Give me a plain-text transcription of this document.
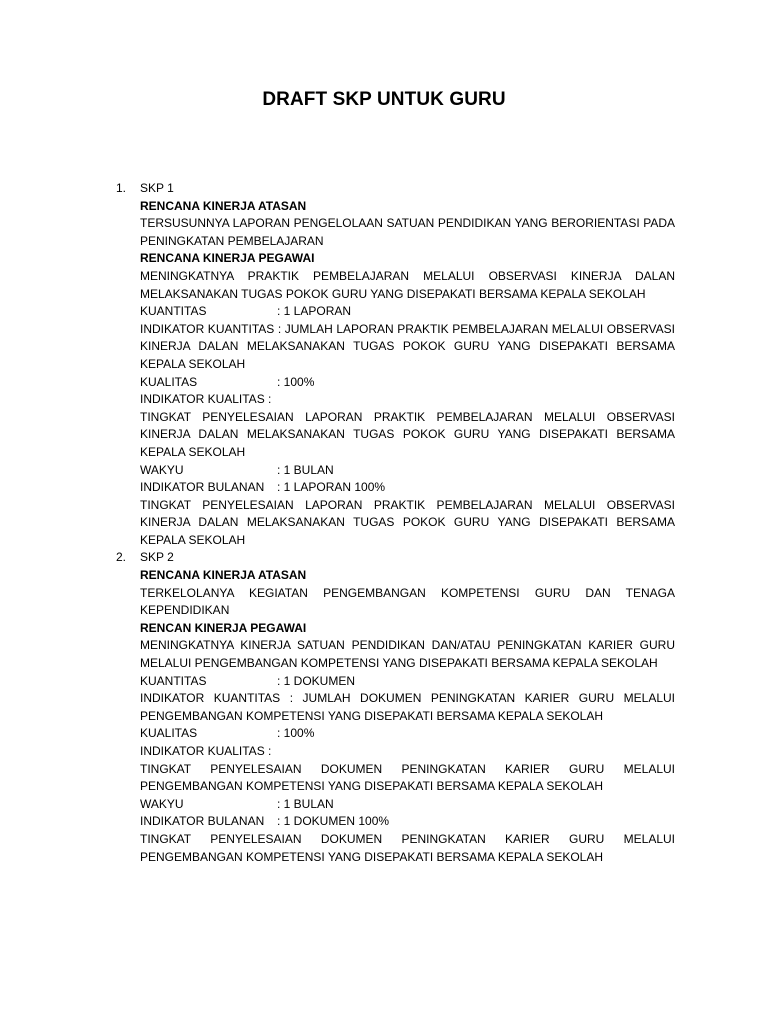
DRAFT SKP UNTUK GURU
1. SKP 1
RENCANA KINERJA ATASAN
TERSUSUNNYA LAPORAN PENGELOLAAN SATUAN PENDIDIKAN YANG BERORIENTASI PADA PENINGKATAN PEMBELAJARAN
RENCANA KINERJA PEGAWAI
MENINGKATNYA PRAKTIK PEMBELAJARAN MELALUI OBSERVASI KINERJA DALAN MELAKSANAKAN TUGAS POKOK GURU YANG DISEPAKATI BERSAMA KEPALA SEKOLAH
KUANTITAS	: 1 LAPORAN
INDIKATOR KUANTITAS : JUMLAH LAPORAN PRAKTIK PEMBELAJARAN MELALUI OBSERVASI KINERJA DALAN MELAKSANAKAN TUGAS POKOK GURU YANG DISEPAKATI BERSAMA KEPALA SEKOLAH
KUALITAS	: 100%
INDIKATOR KUALITAS :
TINGKAT PENYELESAIAN LAPORAN PRAKTIK PEMBELAJARAN MELALUI OBSERVASI KINERJA DALAN MELAKSANAKAN TUGAS POKOK GURU YANG DISEPAKATI BERSAMA KEPALA SEKOLAH
WAKYU	: 1 BULAN
INDIKATOR BULANAN	: 1 LAPORAN 100%
TINGKAT PENYELESAIAN LAPORAN PRAKTIK PEMBELAJARAN MELALUI OBSERVASI KINERJA DALAN MELAKSANAKAN TUGAS POKOK GURU YANG DISEPAKATI BERSAMA KEPALA SEKOLAH
2. SKP 2
RENCANA KINERJA ATASAN
TERKELOLANYA KEGIATAN PENGEMBANGAN KOMPETENSI GURU DAN TENAGA KEPENDIDIKAN
RENCAN KINERJA PEGAWAI
MENINGKATNYA KINERJA SATUAN PENDIDIKAN DAN/ATAU PENINGKATAN KARIER GURU MELALUI PENGEMBANGAN KOMPETENSI YANG DISEPAKATI BERSAMA KEPALA SEKOLAH
KUANTITAS	: 1 DOKUMEN
INDIKATOR KUANTITAS : JUMLAH DOKUMEN PENINGKATAN KARIER GURU MELALUI PENGEMBANGAN KOMPETENSI YANG DISEPAKATI BERSAMA KEPALA SEKOLAH
KUALITAS	: 100%
INDIKATOR KUALITAS :
TINGKAT PENYELESAIAN DOKUMEN PENINGKATAN KARIER GURU MELALUI PENGEMBANGAN KOMPETENSI YANG DISEPAKATI BERSAMA KEPALA SEKOLAH
WAKYU	: 1 BULAN
INDIKATOR BULANAN	: 1 DOKUMEN 100%
TINGKAT PENYELESAIAN DOKUMEN PENINGKATAN KARIER GURU MELALUI PENGEMBANGAN KOMPETENSI YANG DISEPAKATI BERSAMA KEPALA SEKOLAH
